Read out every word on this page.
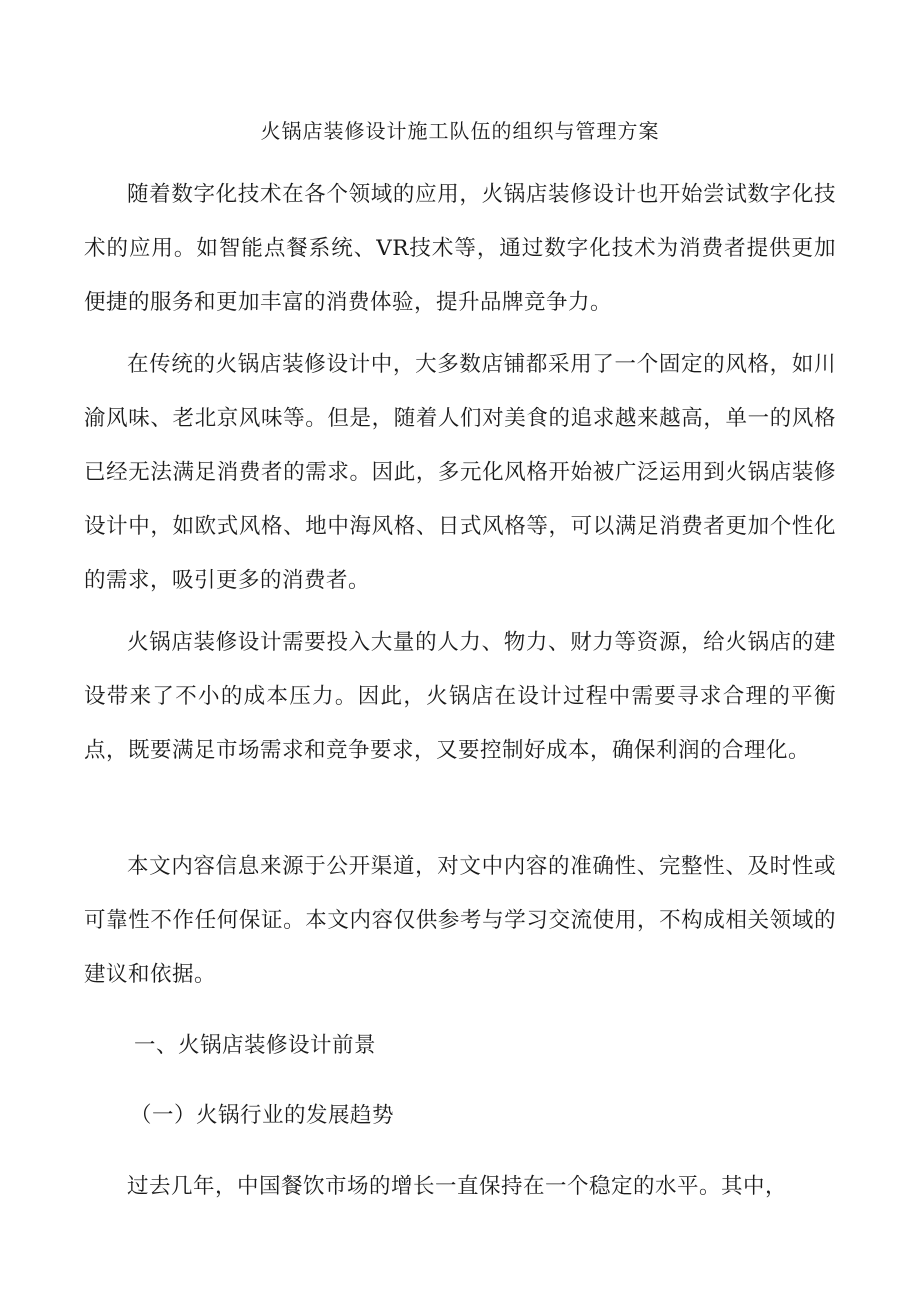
火锅店装修设计施工队伍的组织与管理方案

随着数字化技术在各个领域的应用，火锅店装修设计也开始尝试数字化技术的应用。如智能点餐系统、VR技术等，通过数字化技术为消费者提供更加便捷的服务和更加丰富的消费体验，提升品牌竞争力。

在传统的火锅店装修设计中，大多数店铺都采用了一个固定的风格，如川渝风味、老北京风味等。但是，随着人们对美食的追求越来越高，单一的风格已经无法满足消费者的需求。因此，多元化风格开始被广泛运用到火锅店装修设计中，如欧式风格、地中海风格、日式风格等，可以满足消费者更加个性化的需求，吸引更多的消费者。

火锅店装修设计需要投入大量的人力、物力、财力等资源，给火锅店的建设带来了不小的成本压力。因此，火锅店在设计过程中需要寻求合理的平衡点，既要满足市场需求和竞争要求，又要控制好成本，确保利润的合理化。

本文内容信息来源于公开渠道，对文中内容的准确性、完整性、及时性或可靠性不作任何保证。本文内容仅供参考与学习交流使用，不构成相关领域的建议和依据。

一、火锅店装修设计前景
（一）火锅行业的发展趋势

过去几年，中国餐饮市场的增长一直保持在一个稳定的水平。其中，
